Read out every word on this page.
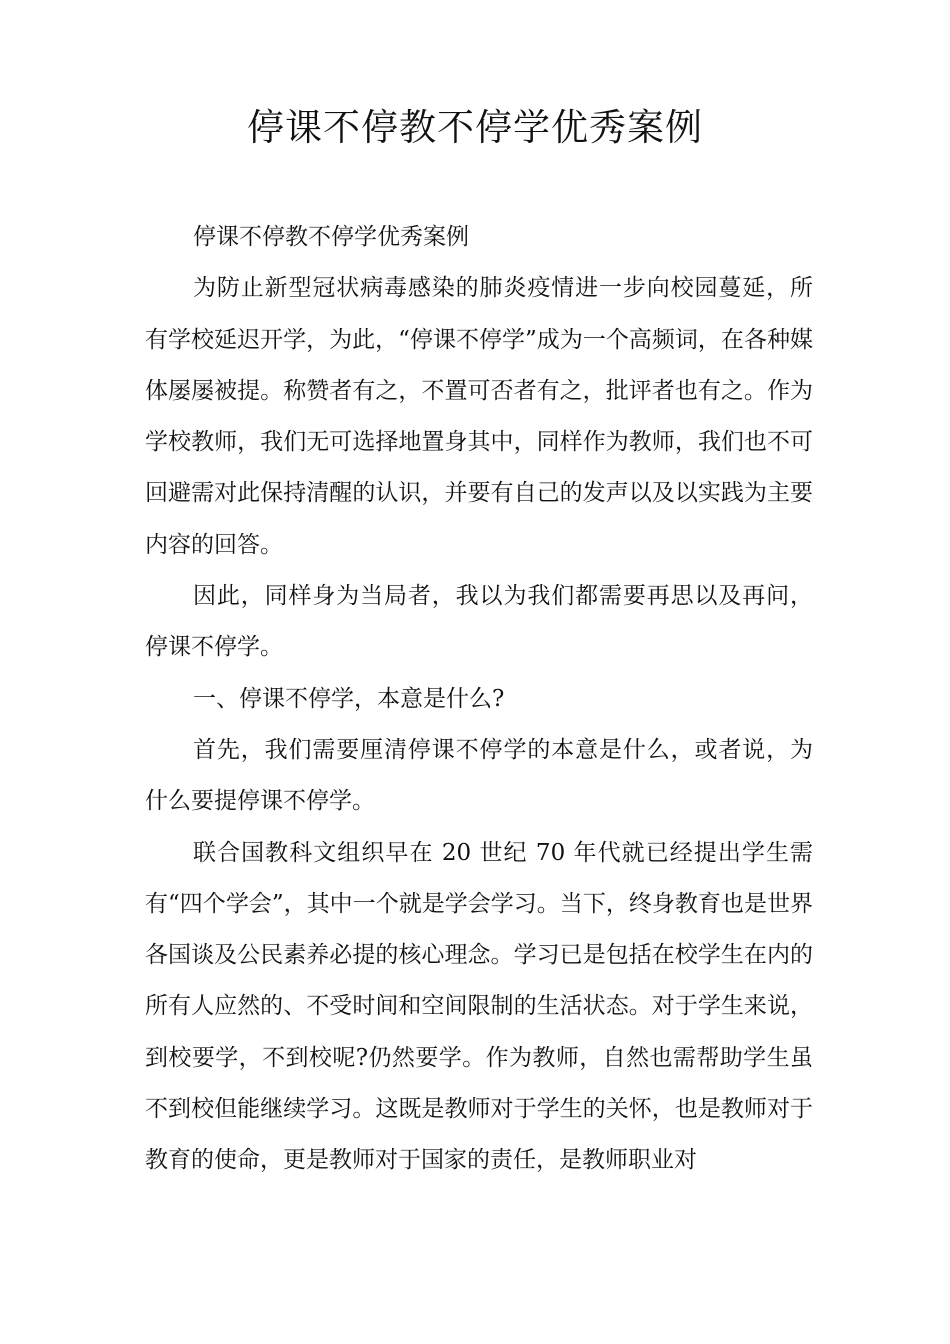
停课不停教不停学优秀案例

停课不停教不停学优秀案例

为防止新型冠状病毒感染的肺炎疫情进一步向校园蔓延，所有学校延迟开学，为此，“停课不停学”成为一个高频词，在各种媒体屡屡被提。称赞者有之，不置可否者有之，批评者也有之。作为学校教师，我们无可选择地置身其中，同样作为教师，我们也不可回避需对此保持清醒的认识，并要有自己的发声以及以实践为主要内容的回答。

因此，同样身为当局者，我以为我们都需要再思以及再问，停课不停学。

一、停课不停学，本意是什么?

首先，我们需要厘清停课不停学的本意是什么，或者说，为什么要提停课不停学。

联合国教科文组织早在 20 世纪 70 年代就已经提出学生需有“四个学会”，其中一个就是学会学习。当下，终身教育也是世界各国谈及公民素养必提的核心理念。学习已是包括在校学生在内的所有人应然的、不受时间和空间限制的生活状态。对于学生来说，到校要学，不到校呢?仍然要学。作为教师，自然也需帮助学生虽不到校但能继续学习。这既是教师对于学生的关怀，也是教师对于教育的使命，更是教师对于国家的责任，是教师职业对
